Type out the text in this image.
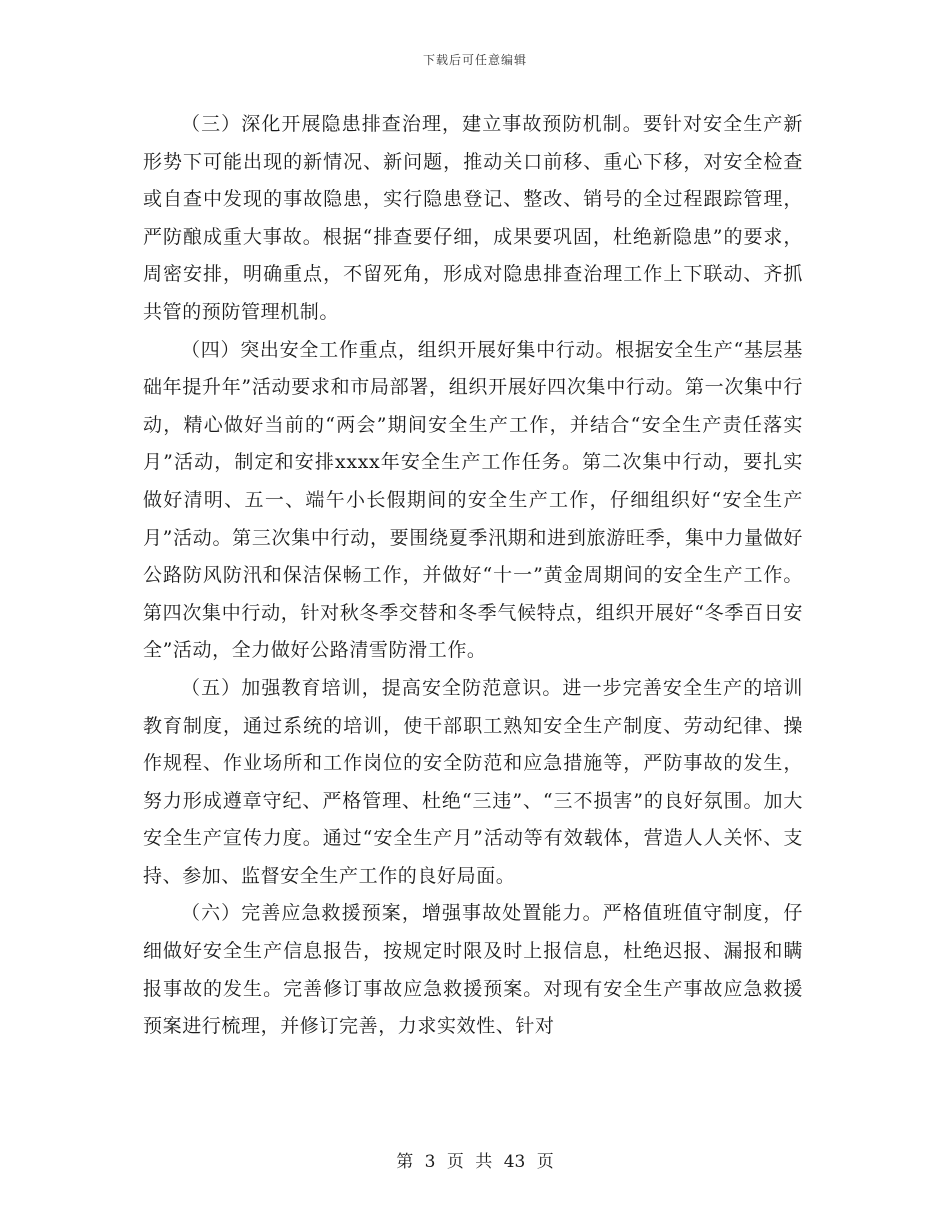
下载后可任意编辑

（三）深化开展隐患排查治理，建立事故预防机制。要针对安全生产新形势下可能出现的新情况、新问题，推动关口前移、重心下移，对安全检查或自查中发现的事故隐患，实行隐患登记、整改、销号的全过程跟踪管理，严防酿成重大事故。根据“排查要仔细，成果要巩固，杜绝新隐患”的要求，周密安排，明确重点，不留死角，形成对隐患排查治理工作上下联动、齐抓共管的预防管理机制。

（四）突出安全工作重点，组织开展好集中行动。根据安全生产“基层基础年提升年”活动要求和市局部署，组织开展好四次集中行动。第一次集中行动，精心做好当前的“两会”期间安全生产工作，并结合“安全生产责任落实月”活动，制定和安排xxxx年安全生产工作任务。第二次集中行动，要扎实做好清明、五一、端午小长假期间的安全生产工作，仔细组织好“安全生产月”活动。第三次集中行动，要围绕夏季汛期和进到旅游旺季，集中力量做好公路防风防汛和保洁保畅工作，并做好“十一”黄金周期间的安全生产工作。第四次集中行动，针对秋冬季交替和冬季气候特点，组织开展好“冬季百日安全”活动，全力做好公路清雪防滑工作。

（五）加强教育培训，提高安全防范意识。进一步完善安全生产的培训教育制度，通过系统的培训，使干部职工熟知安全生产制度、劳动纪律、操作规程、作业场所和工作岗位的安全防范和应急措施等，严防事故的发生，努力形成遵章守纪、严格管理、杜绝“三违”、“三不损害”的良好氛围。加大安全生产宣传力度。通过“安全生产月”活动等有效载体，营造人人关怀、支持、参加、监督安全生产工作的良好局面。

（六）完善应急救援预案，增强事故处置能力。严格值班值守制度，仔细做好安全生产信息报告，按规定时限及时上报信息，杜绝迟报、漏报和瞒报事故的发生。完善修订事故应急救援预案。对现有安全生产事故应急救援预案进行梳理，并修订完善，力求实效性、针对

第 3 页 共 43 页
